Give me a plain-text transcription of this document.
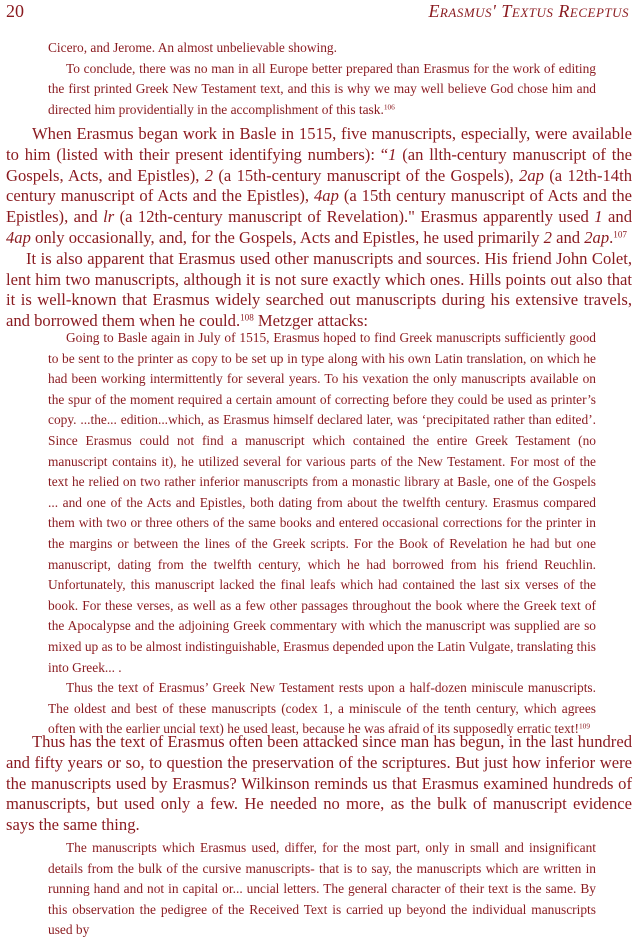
20	Erasmus' Textus Receptus

Cicero, and Jerome. An almost unbelievable showing.

To conclude, there was no man in all Europe better prepared than Erasmus for the work of editing the first printed Greek New Testament text, and this is why we may well believe God chose him and directed him providentially in the accomplishment of this task.$^{106}$

When Erasmus began work in Basle in 1515, five manuscripts, especially, were available to him (listed with their present identifying numbers): “1 (an llth-century manuscript of the Gospels, Acts, and Epistles), 2 (a 15th-century manuscript of the Gospels), 2ap (a 12th-14th century manuscript of Acts and the Epistles), 4ap (a 15th century manuscript of Acts and the Epistles), and lr (a 12th-century manuscript of Revelation)." Erasmus apparently used 1 and 4ap only occasionally, and, for the Gospels, Acts and Epistles, he used primarily 2 and 2ap.$^{107}$

It is also apparent that Erasmus used other manuscripts and sources. His friend John Colet, lent him two manuscripts, although it is not sure exactly which ones. Hills points out also that it is well-known that Erasmus widely searched out manuscripts during his extensive travels, and borrowed them when he could.$^{108}$ Metzger attacks:

Going to Basle again in July of 1515, Erasmus hoped to find Greek manuscripts sufficiently good to be sent to the printer as copy to be set up in type along with his own Latin translation, on which he had been working intermittently for several years. To his vexation the only manuscripts available on the spur of the moment required a certain amount of correcting before they could be used as printer’s copy. ...the... edition...which, as Erasmus himself declared later, was ‘precipitated rather than edited’. Since Erasmus could not find a manuscript which contained the entire Greek Testament (no manuscript contains it), he utilized several for various parts of the New Testament. For most of the text he relied on two rather inferior manuscripts from a monastic library at Basle, one of the Gospels ... and one of the Acts and Epistles, both dating from about the twelfth century. Erasmus compared them with two or three others of the same books and entered occasional corrections for the printer in the margins or between the lines of the Greek scripts. For the Book of Revelation he had but one manuscript, dating from the twelfth century, which he had borrowed from his friend Reuchlin. Unfortunately, this manuscript lacked the final leafs which had contained the last six verses of the book. For these verses, as well as a few other passages throughout the book where the Greek text of the Apocalypse and the adjoining Greek commentary with which the manuscript was supplied are so mixed up as to be almost indistinguishable, Erasmus depended upon the Latin Vulgate, translating this into Greek... .

Thus the text of Erasmus’ Greek New Testament rests upon a half-dozen miniscule manuscripts. The oldest and best of these manuscripts (codex 1, a miniscule of the tenth century, which agrees often with the earlier uncial text) he used least, because he was afraid of its supposedly erratic text!$^{109}$

Thus has the text of Erasmus often been attacked since man has begun, in the last hundred and fifty years or so, to question the preservation of the scriptures. But just how inferior were the manuscripts used by Erasmus? Wilkinson reminds us that Erasmus examined hundreds of manuscripts, but used only a few. He needed no more, as the bulk of manuscript evidence says the same thing.

The manuscripts which Erasmus used, differ, for the most part, only in small and insignificant details from the bulk of the cursive manuscripts- that is to say, the manuscripts which are written in running hand and not in capital or... uncial letters. The general character of their text is the same. By this observation the pedigree of the Received Text is carried up beyond the individual manuscripts used by
